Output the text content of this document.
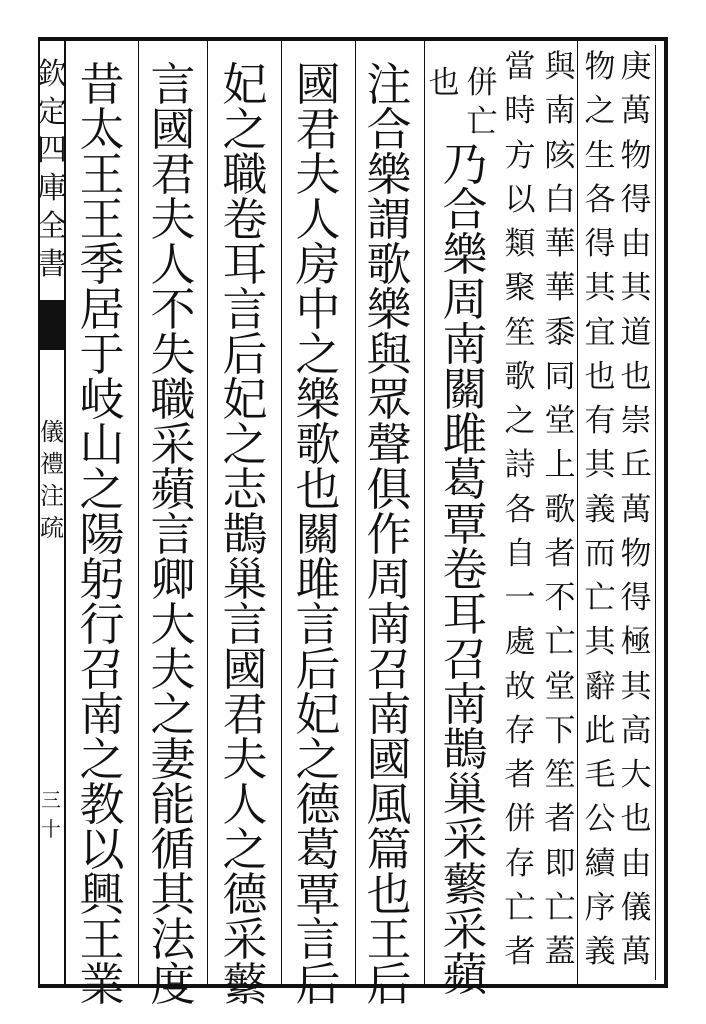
欽
定
四
庫
全
書
儀
禮
注
疏
三十
庚
萬
物
得
由
其
道
也
崇
丘
萬
物
得
極
其
高
大
也
由
儀
萬
物
之
生
各
得
其
宜
也
有
其
義
而
亡
其
辭
此
毛
公
續
序
義
與
南
陔
白
華
華
黍
同
堂
上
歌
者
不
亡
堂
下
笙
者
即
亡
蓋
當
時
方
以
類
聚
笙
歌
之
詩
各
自
一
處
故
存
者
併
存
亡
者
併
亡
也
乃
合
樂
周
南
關
雎
葛
覃
卷
耳
召
南
鵲
巢
采
蘩
采
蘋
注
合
樂
謂
歌
樂
與
眾
聲
俱
作
周
南
召
南
國
風
篇
也
王
后
國
君
夫
人
房
中
之
樂
歌
也
關
雎
言
后
妃
之
德
葛
覃
言
后
妃
之
職
卷
耳
言
后
妃
之
志
鵲
巢
言
國
君
夫
人
之
德
采
蘩
言
國
君
夫
人
不
失
職
采
蘋
言
卿
大
夫
之
妻
能
循
其
法
度
昔
太
王
王
季
居
于
岐
山
之
陽
躬
行
召
南
之
教
以
興
王
業
